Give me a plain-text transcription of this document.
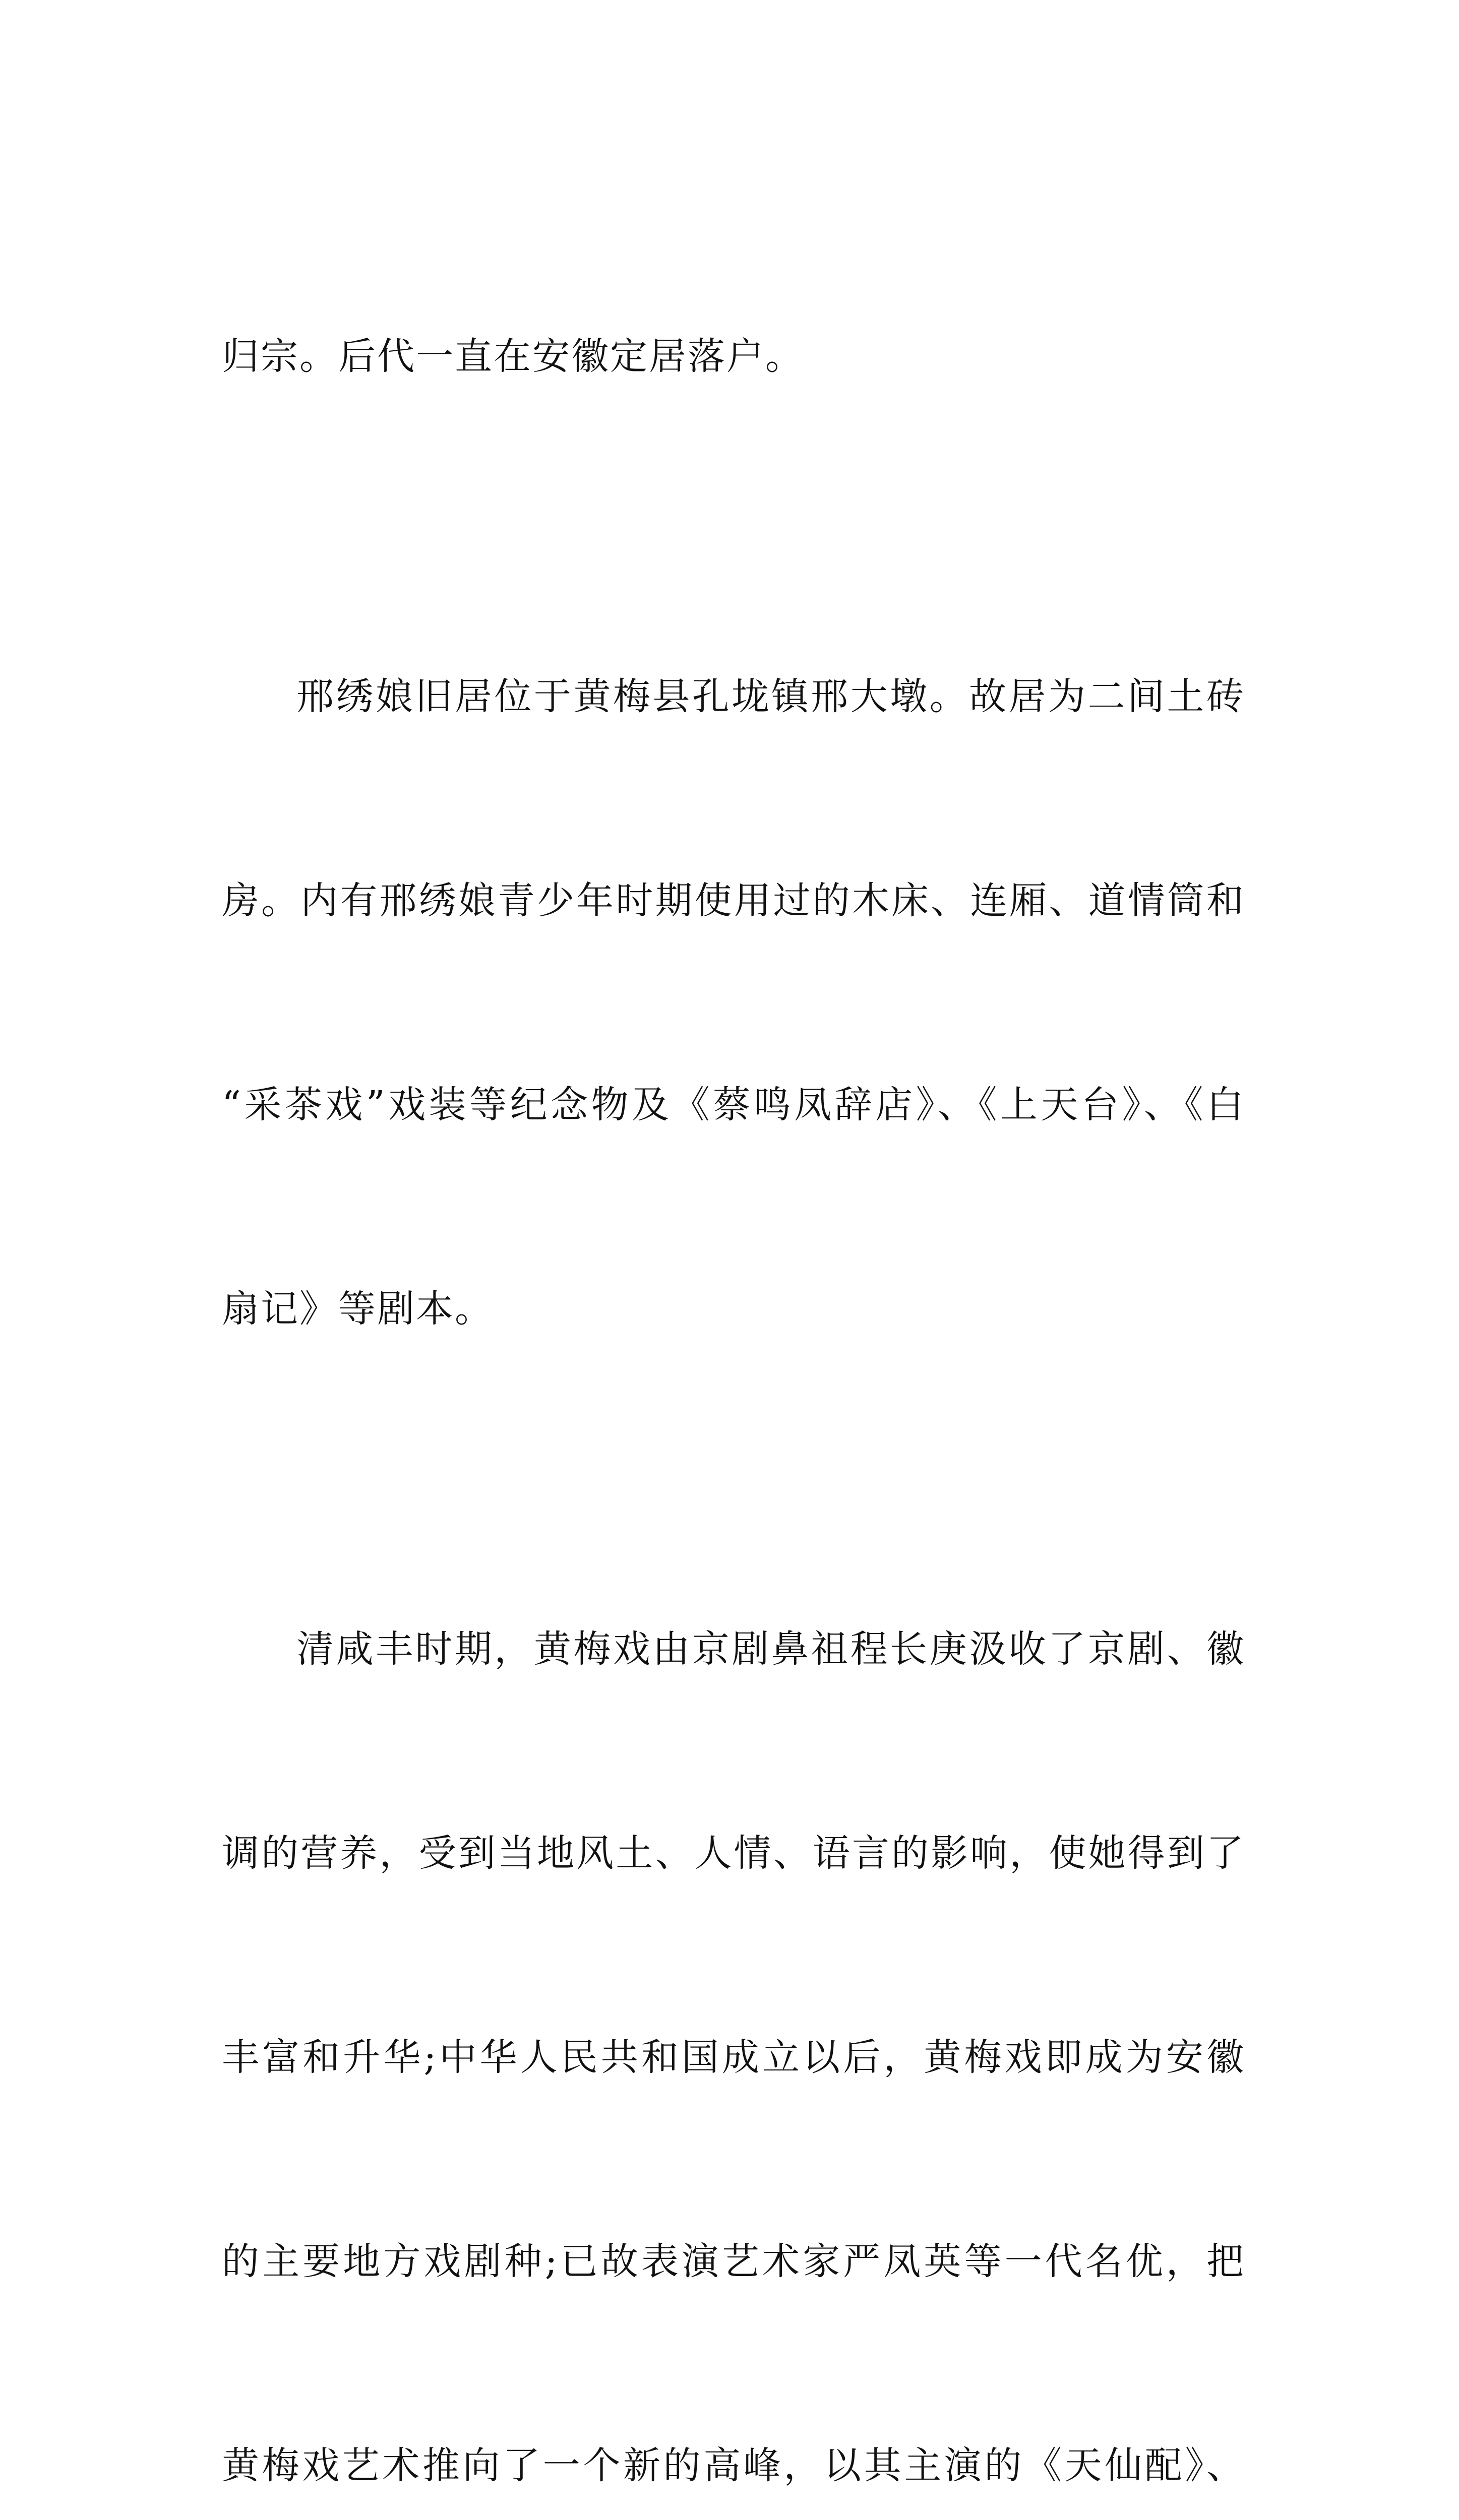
归宗。后代一直在安徽定居落户。

邢绣娘旧居位于黄梅县孔垅镇邢大墩。故居为二间土砖

房。内有邢绣娘青少年时期使用过的木床、连厢、道情筒和

“采茶戏”戏装等纪念物及《蔡鸣凤辞店》、《上天台》、《白

扇记》等剧本。

清咸丰时期，黄梅戏由京剧鼻祖程长庚汲收了京剧、徽

调的营养，受到当地风土、人情、语言的影响，使她得到了

丰富和升华;中华人民共和国成立以后，黄梅戏即成为安徽

的主要地方戏剧种;已故表演艺术家严凤英等一代名优，把

黄梅戏艺术推向了一个新的高峰，以其主演的《天仙配》、
